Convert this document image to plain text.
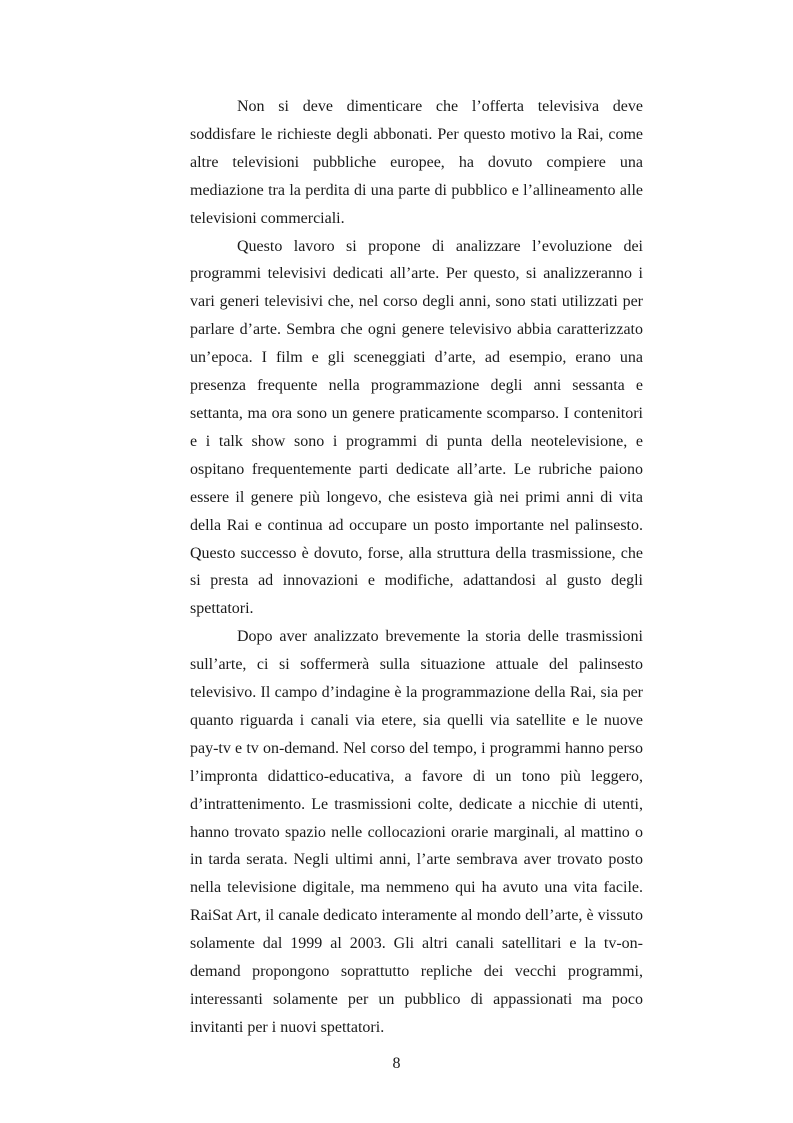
Non si deve dimenticare che l’offerta televisiva deve soddisfare le richieste degli abbonati. Per questo motivo la Rai, come altre televisioni pubbliche europee, ha dovuto compiere una mediazione tra la perdita di una parte di pubblico e l’allineamento alle televisioni commerciali.

Questo lavoro si propone di analizzare l’evoluzione dei programmi televisivi dedicati all’arte. Per questo, si analizzeranno i vari generi televisivi che, nel corso degli anni, sono stati utilizzati per parlare d’arte. Sembra che ogni genere televisivo abbia caratterizzato un’epoca. I film e gli sceneggiati d’arte, ad esempio, erano una presenza frequente nella programmazione degli anni sessanta e settanta, ma ora sono un genere praticamente scomparso. I contenitori e i talk show sono i programmi di punta della neotelevisione, e ospitano frequentemente parti dedicate all’arte. Le rubriche paiono essere il genere più longevo, che esisteva già nei primi anni di vita della Rai e continua ad occupare un posto importante nel palinsesto. Questo successo è dovuto, forse, alla struttura della trasmissione, che si presta ad innovazioni e modifiche, adattandosi al gusto degli spettatori.

Dopo aver analizzato brevemente la storia delle trasmissioni sull’arte, ci si soffermerà sulla situazione attuale del palinsesto televisivo. Il campo d’indagine è la programmazione della Rai, sia per quanto riguarda i canali via etere, sia quelli via satellite e le nuove pay-tv e tv on-demand. Nel corso del tempo, i programmi hanno perso l’impronta didattico-educativa, a favore di un tono più leggero, d’intrattenimento. Le trasmissioni colte, dedicate a nicchie di utenti, hanno trovato spazio nelle collocazioni orarie marginali, al mattino o in tarda serata. Negli ultimi anni, l’arte sembrava aver trovato posto nella televisione digitale, ma nemmeno qui ha avuto una vita facile. RaiSat Art, il canale dedicato interamente al mondo dell’arte, è vissuto solamente dal 1999 al 2003. Gli altri canali satellitari e la tv-on-demand propongono soprattutto repliche dei vecchi programmi, interessanti solamente per un pubblico di appassionati ma poco invitanti per i nuovi spettatori.

8
